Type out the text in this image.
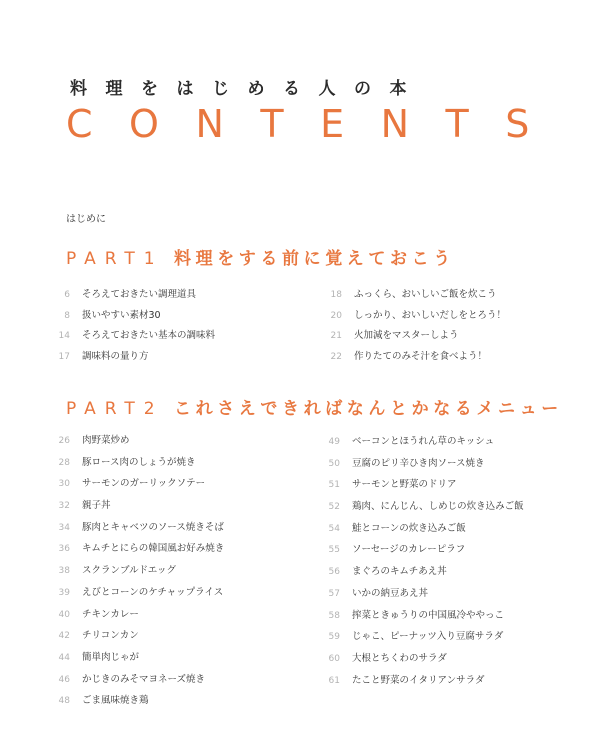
料理をはじめる人の本
CONTENTS
はじめに
PART1 料理をする前に覚えておこう
6 そろえておきたい調理道具
8 扱いやすい素材30
14 そろえておきたい基本の調味料
17 調味料の量り方
18 ふっくら、おいしいご飯を炊こう
20 しっかり、おいしいだしをとろう！
21 火加減をマスターしよう
22 作りたてのみそ汁を食べよう！
PART2 これさえできればなんとかなるメニュー
26 肉野菜炒め
28 豚ロース肉のしょうが焼き
30 サーモンのガーリックソテー
32 親子丼
34 豚肉とキャベツのソース焼きそば
36 キムチとにらの韓国風お好み焼き
38 スクランブルドエッグ
39 えびとコーンのケチャップライス
40 チキンカレー
42 チリコンカン
44 簡単肉じゃが
46 かじきのみそマヨネーズ焼き
48 ごま風味焼き鶏
49 ベーコンとほうれん草のキッシュ
50 豆腐のピリ辛ひき肉ソース焼き
51 サーモンと野菜のドリア
52 鶏肉、にんじん、しめじの炊き込みご飯
54 鮭とコーンの炊き込みご飯
55 ソーセージのカレーピラフ
56 まぐろのキムチあえ丼
57 いかの納豆あえ丼
58 搾菜ときゅうりの中国風冷ややっこ
59 じゃこ、ピーナッツ入り豆腐サラダ
60 大根とちくわのサラダ
61 たこと野菜のイタリアンサラダ
